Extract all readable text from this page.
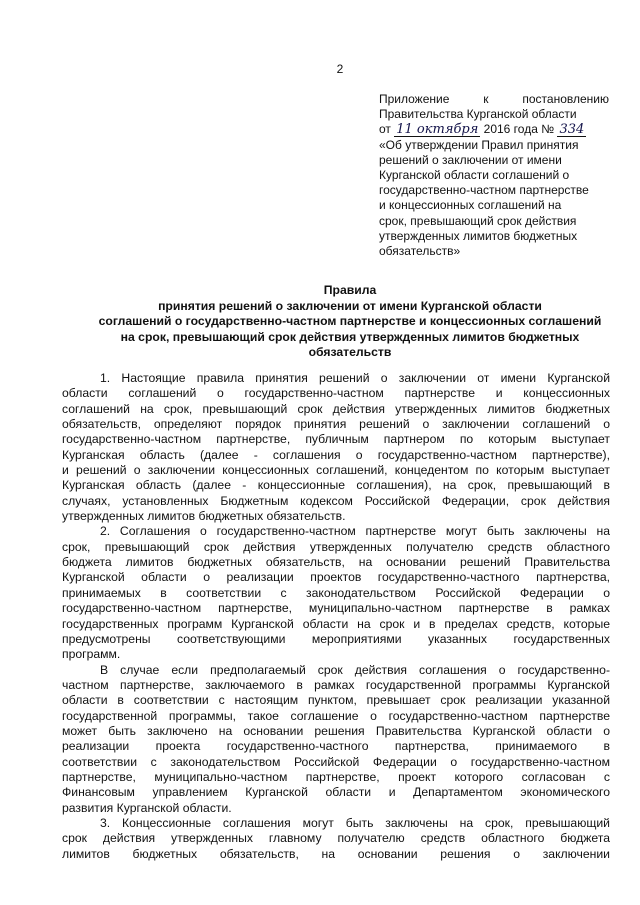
2
Приложение	к	постановлению
Правительства Курганской области
от 11 октября 2016 года № 334
«Об утверждении Правил принятия
решений о заключении от имени
Курганской области соглашений о
государственно-частном партнерстве
и концессионных соглашений на
срок, превышающий срок действия
утвержденных лимитов бюджетных
обязательств»
Правила
принятия решений о заключении от имени Курганской области
соглашений о государственно-частном партнерстве и концессионных соглашений
на срок, превышающий срок действия утвержденных лимитов бюджетных
обязательств
1. Настоящие правила принятия решений о заключении от имени Курганской
области соглашений о государственно-частном партнерстве и концессионных
соглашений на срок, превышающий срок действия утвержденных лимитов бюджетных
обязательств, определяют порядок принятия решений о заключении соглашений о
государственно-частном партнерстве, публичным партнером по которым выступает
Курганская область (далее - соглашения о государственно-частном партнерстве),
и решений о заключении концессионных соглашений, концедентом по которым выступает
Курганская область (далее - концессионные соглашения), на срок, превышающий в
случаях, установленных Бюджетным кодексом Российской Федерации, срок действия
утвержденных лимитов бюджетных обязательств.
2. Соглашения о государственно-частном партнерстве могут быть заключены на
срок, превышающий срок действия утвержденных получателю средств областного
бюджета лимитов бюджетных обязательств, на основании решений Правительства
Курганской области о реализации проектов государственно-частного партнерства,
принимаемых в соответствии с законодательством Российской Федерации о
государственно-частном партнерстве, муниципально-частном партнерстве в рамках
государственных программ Курганской области на срок и в пределах средств, которые
предусмотрены соответствующими мероприятиями указанных государственных
программ.
В случае если предполагаемый срок действия соглашения о государственно-
частном партнерстве, заключаемого в рамках государственной программы Курганской
области в соответствии с настоящим пунктом, превышает срок реализации указанной
государственной программы, такое соглашение о государственно-частном партнерстве
может быть заключено на основании решения Правительства Курганской области о
реализации проекта государственно-частного партнерства, принимаемого в
соответствии с законодательством Российской Федерации о государственно-частном
партнерстве, муниципально-частном партнерстве, проект которого согласован с
Финансовым управлением Курганской области и Департаментом экономического
развития Курганской области.
3. Концессионные соглашения могут быть заключены на срок, превышающий
срок действия утвержденных главному получателю средств областного бюджета
лимитов бюджетных обязательств, на основании решения о заключении
